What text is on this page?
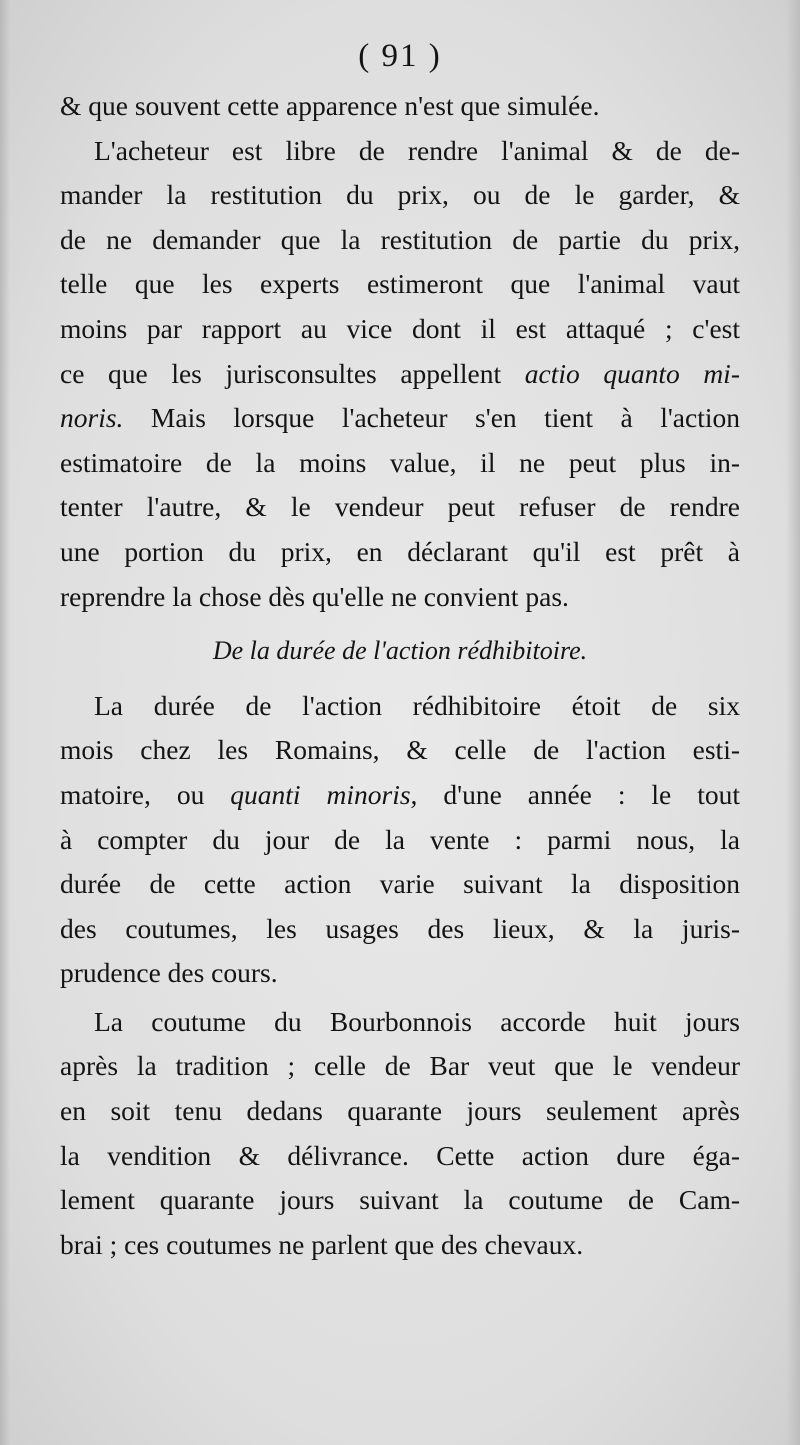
( 91 )
& que souvent cette apparence n'est que simulée.
L'acheteur est libre de rendre l'animal & de de-
mander la restitution du prix, ou de le garder, &
de ne demander que la restitution de partie du prix,
telle que les experts estimeront que l'animal vaut
moins par rapport au vice dont il est attaqué ; c'est
ce que les jurisconsultes appellent actio quanto mi-
noris. Mais lorsque l'acheteur s'en tient à l'action
estimatoire de la moins value, il ne peut plus in-
tenter l'autre, & le vendeur peut refuser de rendre
une portion du prix, en déclarant qu'il est prêt à
reprendre la chose dès qu'elle ne convient pas.
De la durée de l'action rédhibitoire.
La durée de l'action rédhibitoire étoit de six
mois chez les Romains, & celle de l'action esti-
matoire, ou quanti minoris, d'une année : le tout
à compter du jour de la vente : parmi nous, la
durée de cette action varie suivant la disposition
des coutumes, les usages des lieux, & la juris-
prudence des cours.
La coutume du Bourbonnois accorde huit jours
après la tradition ; celle de Bar veut que le vendeur
en soit tenu dedans quarante jours seulement après
la vendition & délivrance. Cette action dure éga-
lement quarante jours suivant la coutume de Cam-
brai ; ces coutumes ne parlent que des chevaux.
